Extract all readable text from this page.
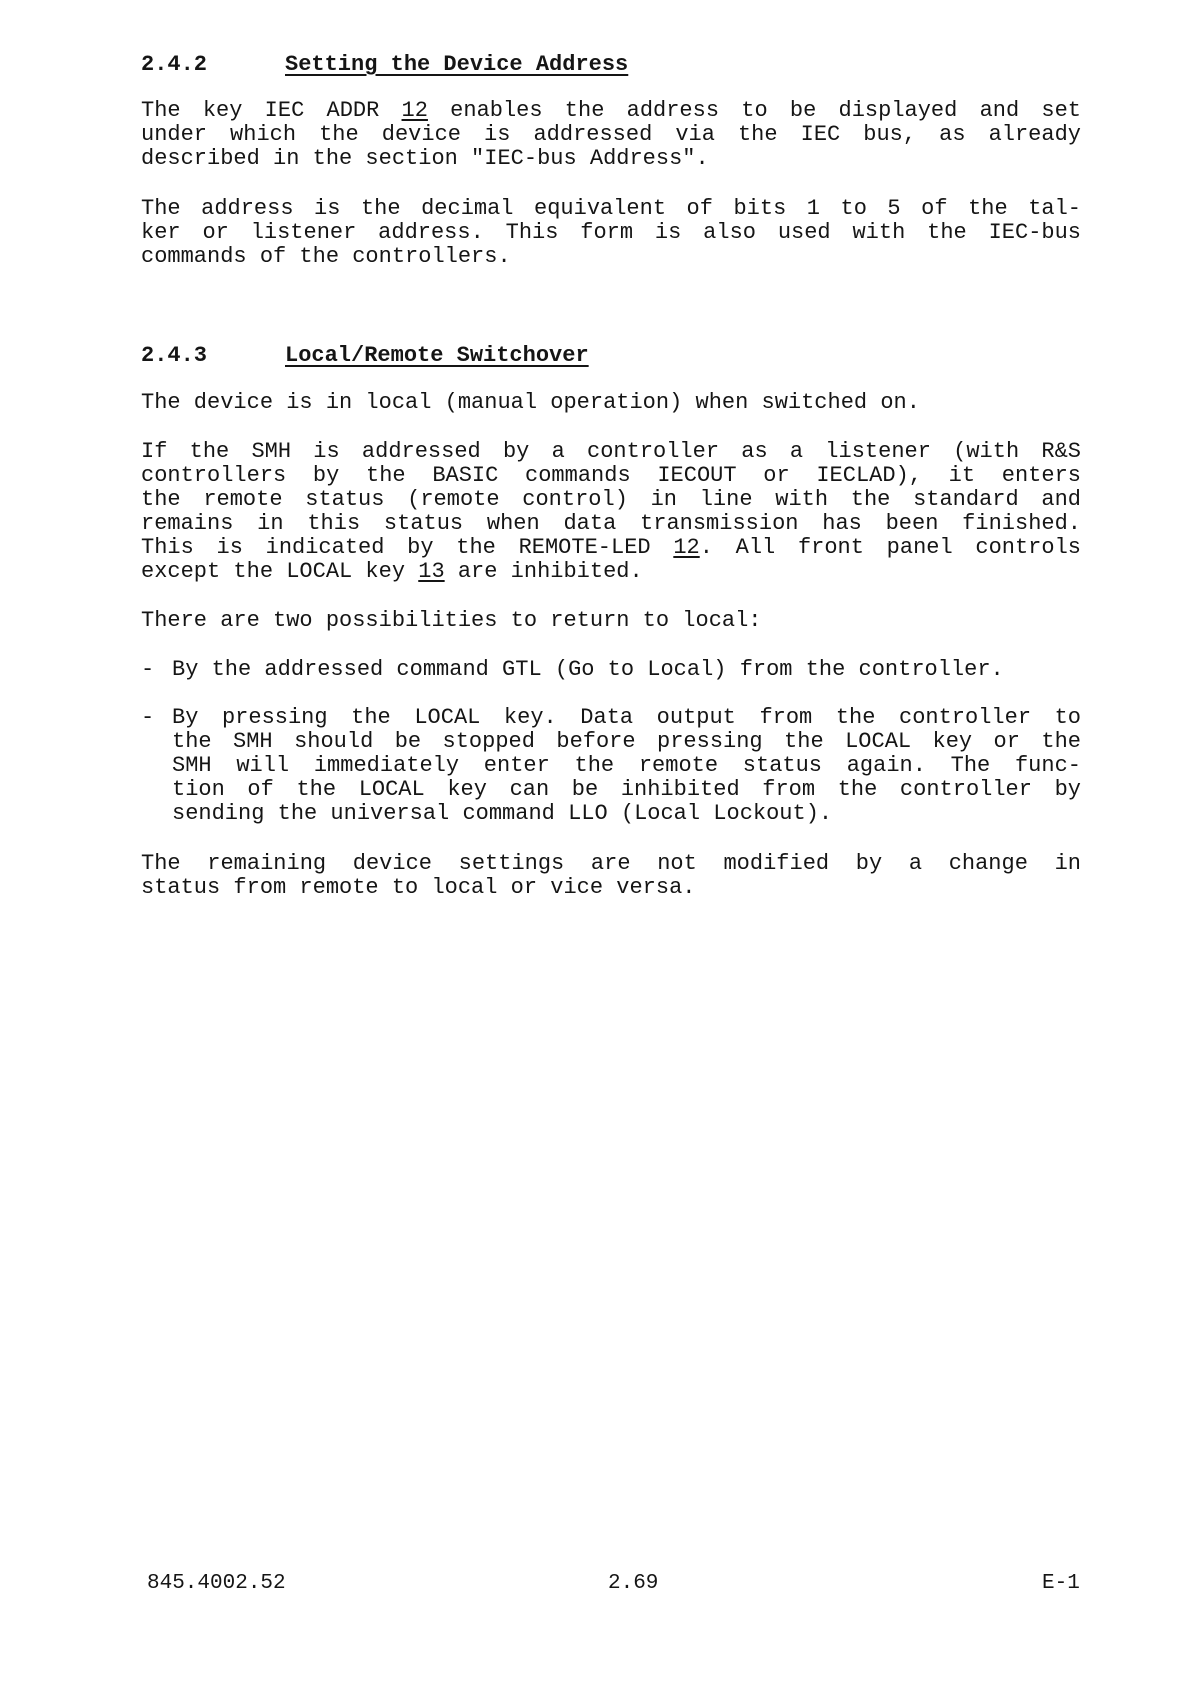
2.4.2	Setting the Device Address
The key IEC ADDR 12 enables the address to be displayed and set
under which the device is addressed via the IEC bus, as already
described in the section "IEC-bus Address".
The address is the decimal equivalent of bits 1 to 5 of the tal-
ker or listener address. This form is also used with the IEC-bus
commands of the controllers.
2.4.3	Local/Remote Switchover
The device is in local (manual operation) when switched on.
If the SMH is addressed by a controller as a listener (with R&S
controllers by the BASIC commands IECOUT or IECLAD), it enters
the remote status (remote control) in line with the standard and
remains in this status when data transmission has been finished.
This is indicated by the REMOTE-LED 12. All front panel controls
except the LOCAL key 13 are inhibited.
There are two possibilities to return to local:
- By the addressed command GTL (Go to Local) from the controller.
- By pressing the LOCAL key. Data output from the controller to
the SMH should be stopped before pressing the LOCAL key or the
SMH will immediately enter the remote status again. The func-
tion of the LOCAL key can be inhibited from the controller by
sending the universal command LLO (Local Lockout).
The remaining device settings are not modified by a change in
status from remote to local or vice versa.
845.4002.52	2.69	E-1
